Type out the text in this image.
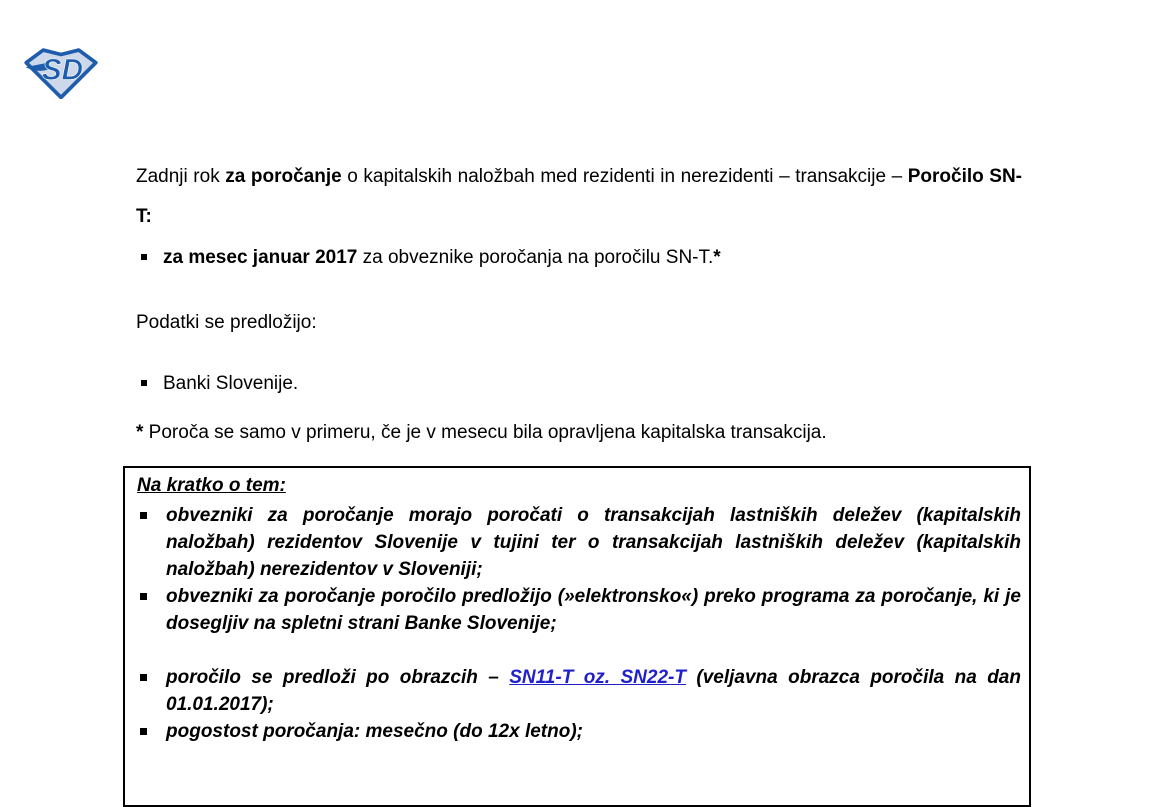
SD

Zadnji rok za poročanje o kapitalskih naložbah med rezidenti in nerezidenti – transakcije – Poročilo SN-T:

za mesec januar 2017 za obveznike poročanja na poročilu SN-T.*

Podatki se predložijo:

Banki Slovenije.

* Poroča se samo v primeru, če je v mesecu bila opravljena kapitalska transakcija.

Na kratko o tem:
obvezniki za poročanje morajo poročati o transakcijah lastniških deležev (kapitalskih naložbah) rezidentov Slovenije v tujini ter o transakcijah lastniških deležev (kapitalskih naložbah) nerezidentov v Sloveniji;
obvezniki za poročanje poročilo predložijo (»elektronsko«) preko programa za poročanje, ki je dosegljiv na spletni strani Banke Slovenije;
poročilo se predloži po obrazcih – SN11-T oz. SN22-T (veljavna obrazca poročila na dan 01.01.2017);
pogostost poročanja: mesečno (do 12x letno);
